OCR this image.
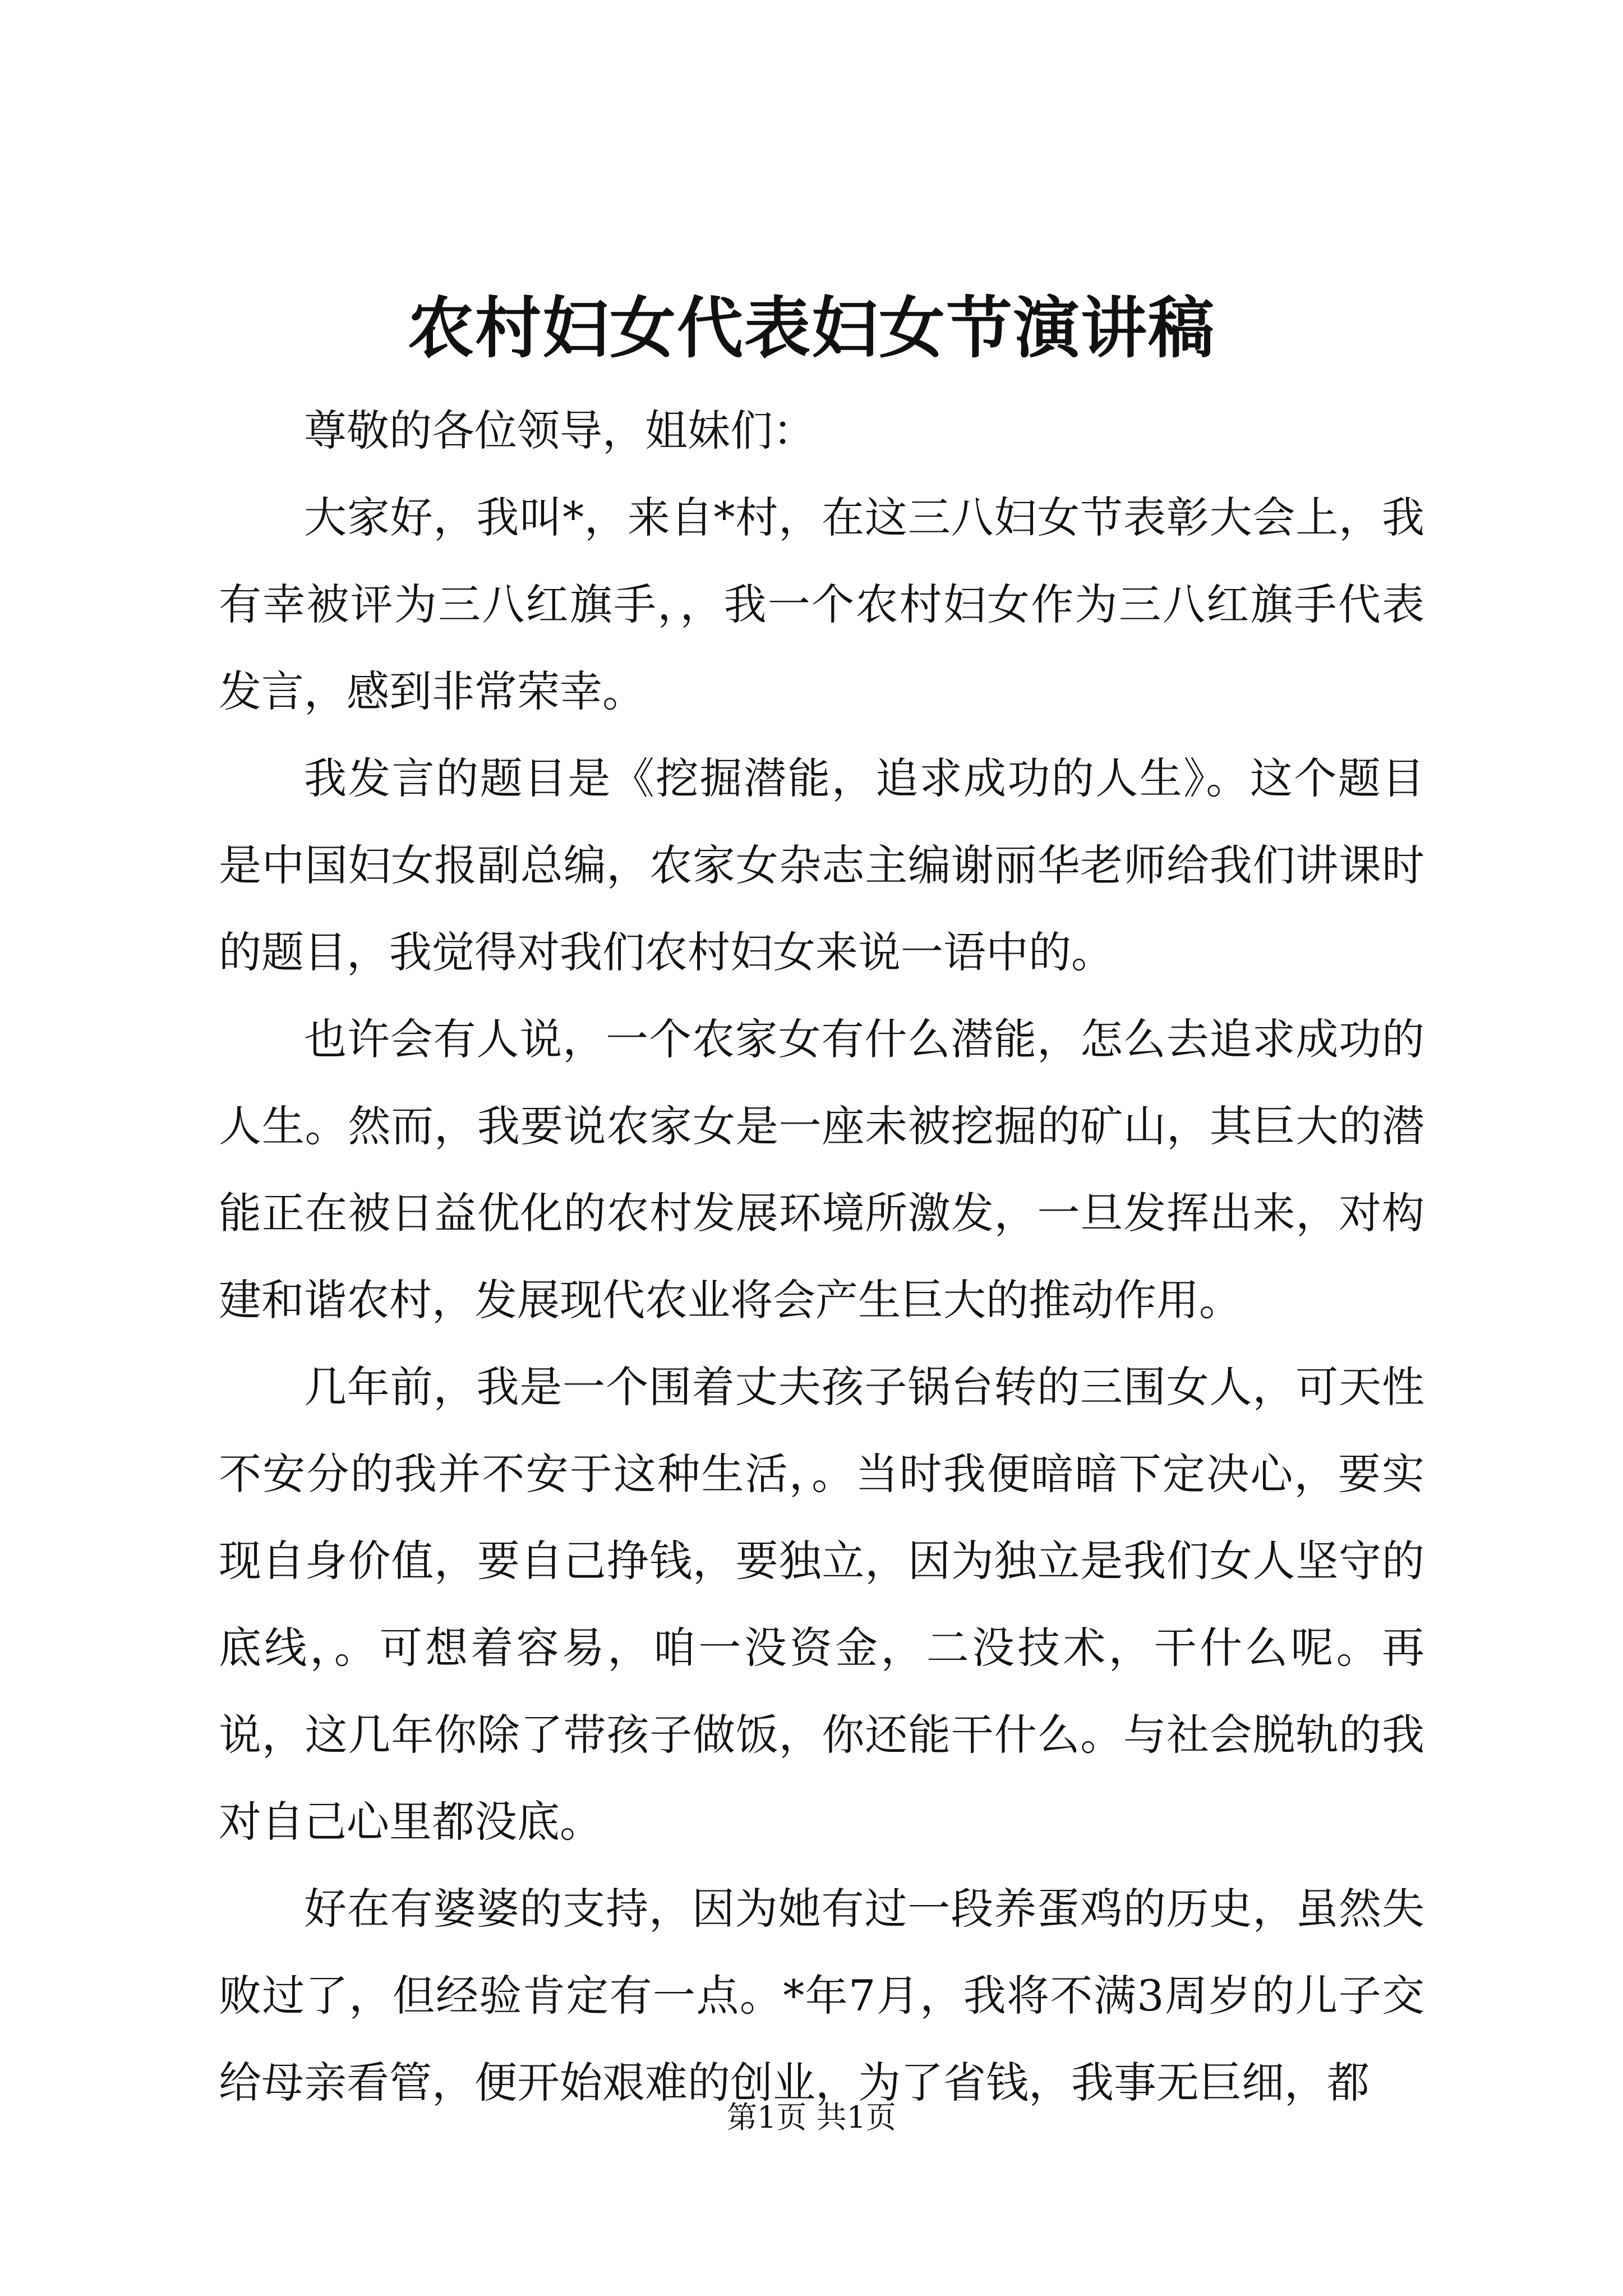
农村妇女代表妇女节演讲稿

尊敬的各位领导，姐妹们：

大家好，我叫*，来自*村，在这三八妇女节表彰大会上，我有幸被评为三八红旗手，，我一个农村妇女作为三八红旗手代表发言，感到非常荣幸。

我发言的题目是《挖掘潜能，追求成功的人生》。这个题目是中国妇女报副总编，农家女杂志主编谢丽华老师给我们讲课时的题目，我觉得对我们农村妇女来说一语中的。

也许会有人说，一个农家女有什么潜能，怎么去追求成功的人生。然而，我要说农家女是一座未被挖掘的矿山，其巨大的潜能正在被日益优化的农村发展环境所激发，一旦发挥出来，对构建和谐农村，发展现代农业将会产生巨大的推动作用。

几年前，我是一个围着丈夫孩子锅台转的三围女人，可天性不安分的我并不安于这种生活，。当时我便暗暗下定决心，要实现自身价值，要自己挣钱，要独立，因为独立是我们女人坚守的底线，。可想着容易，咱一没资金，二没技术，干什么呢。再说，这几年你除了带孩子做饭，你还能干什么。与社会脱轨的我对自己心里都没底。

好在有婆婆的支持，因为她有过一段养蛋鸡的历史，虽然失败过了，但经验肯定有一点。*年7月，我将不满3周岁的儿子交给母亲看管，便开始艰难的创业，为了省钱，我事无巨细，都

第1页 共1页
